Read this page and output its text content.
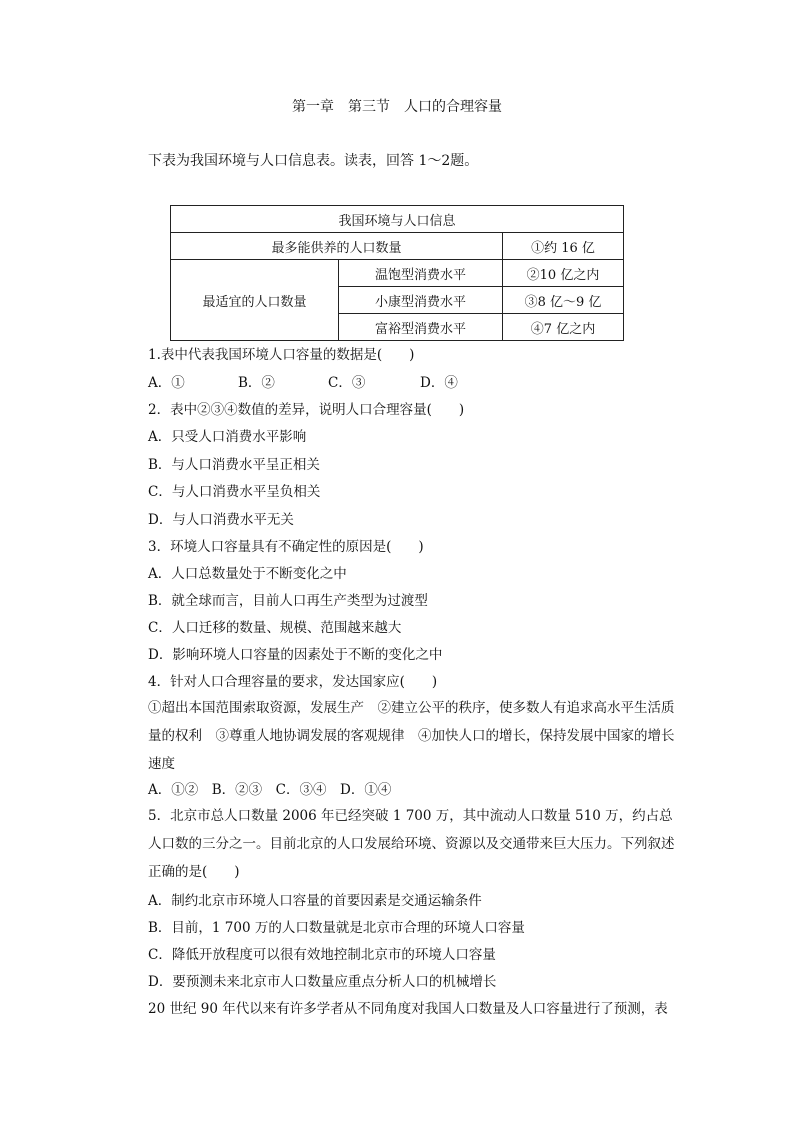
第一章　第三节　人口的合理容量
下表为我国环境与人口信息表。读表，回答 1～2题。
我国环境与人口信息		
最多能供养的人口数量		①约 16 亿
最适宜的人口数量	温饱型消费水平	②10 亿之内
	小康型消费水平	③8 亿～9 亿
	富裕型消费水平	④7 亿之内
1.表中代表我国环境人口容量的数据是(　　)
A．①	B．②	C．③	D．④
2．表中②③④数值的差异，说明人口合理容量(　　)
A．只受人口消费水平影响
B．与人口消费水平呈正相关
C．与人口消费水平呈负相关
D．与人口消费水平无关
3．环境人口容量具有不确定性的原因是(　　)
A．人口总数量处于不断变化之中
B．就全球而言，目前人口再生产类型为过渡型
C．人口迁移的数量、规模、范围越来越大
D．影响环境人口容量的因素处于不断的变化之中
4．针对人口合理容量的要求，发达国家应(　　)
①超出本国范围索取资源，发展生产　②建立公平的秩序，使多数人有追求高水平生活质量的权利　③尊重人地协调发展的客观规律　④加快人口的增长，保持发展中国家的增长速度
A．①②　B．②③　C．③④　D．①④
5．北京市总人口数量 2006 年已经突破 1 700 万，其中流动人口数量 510 万，约占总人口数的三分之一。目前北京的人口发展给环境、资源以及交通带来巨大压力。下列叙述正确的是(　　)
A．制约北京市环境人口容量的首要因素是交通运输条件
B．目前，1 700 万的人口数量就是北京市合理的环境人口容量
C．降低开放程度可以很有效地控制北京市的环境人口容量
D．要预测未来北京市人口数量应重点分析人口的机械增长
20 世纪 90 年代以来有许多学者从不同角度对我国人口数量及人口容量进行了预测，表
